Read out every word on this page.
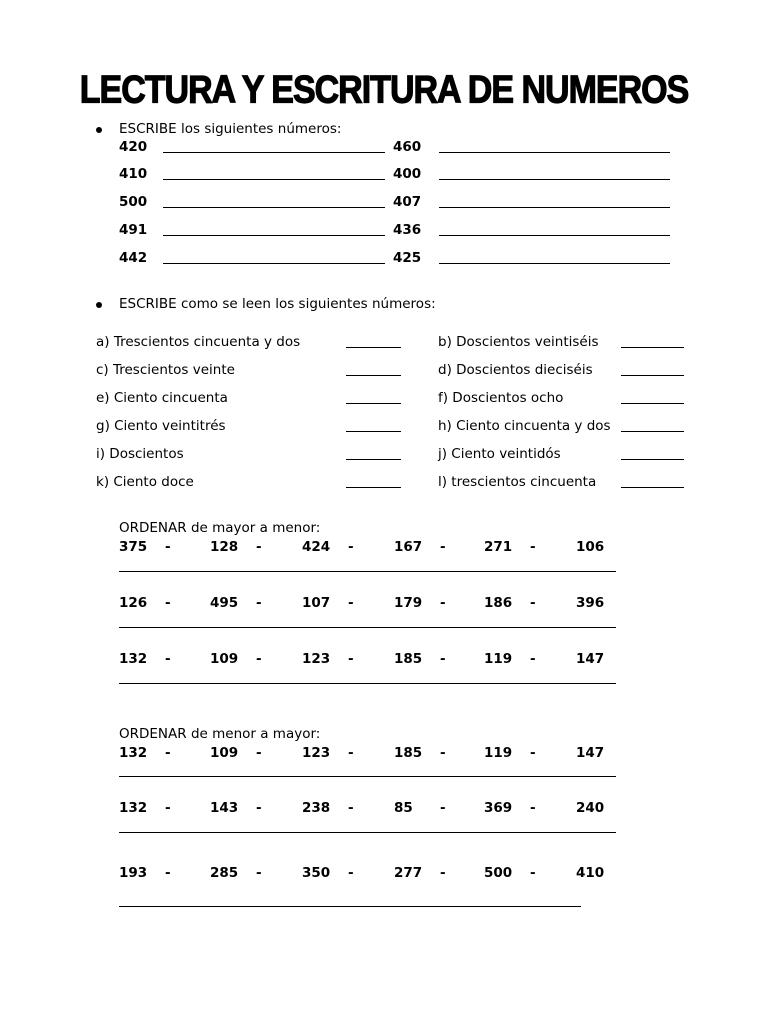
LECTURA Y ESCRITURA DE NUMEROS
ESCRIBE los siguientes números:
420	460
410	400
500	407
491	436
442	425
ESCRIBE como se leen los siguientes números:
a) Trescientos cincuenta y dos	b) Doscientos veintiséis
c) Trescientos veinte	d) Doscientos dieciséis
e) Ciento cincuenta	f) Doscientos ocho
g) Ciento veintitrés	h) Ciento cincuenta y dos
i) Doscientos	j) Ciento veintidós
k) Ciento doce	l) trescientos cincuenta
ORDENAR de mayor a menor:
375 -	128 -	424 -	167 -	271 -	106
126 -	495 -	107 -	179 -	186 -	396
132 -	109 -	123 -	185 -	119 -	147
ORDENAR de menor a mayor:
132 -	109 -	123 -	185 -	119 -	147
132 -	143 -	238 -	85 -	369 -	240
193 -	285 -	350 -	277 -	500 -	410
